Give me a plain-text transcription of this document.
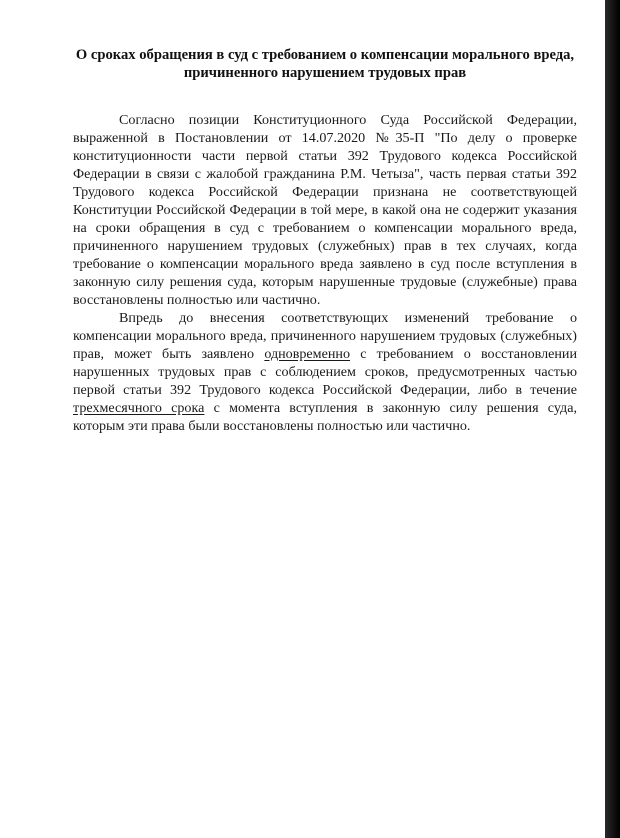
О сроках обращения в суд с требованием о компенсации морального вреда,
причиненного нарушением трудовых прав

Согласно позиции Конституционного Суда Российской Федерации, выраженной в Постановлении от 14.07.2020 №35-П "По делу о проверке конституционности части первой статьи 392 Трудового кодекса Российской Федерации в связи с жалобой гражданина Р.М. Четыза", часть первая статьи 392 Трудового кодекса Российской Федерации признана не соответствующей Конституции Российской Федерации в той мере, в какой она не содержит указания на сроки обращения в суд с требованием о компенсации морального вреда, причиненного нарушением трудовых (служебных) прав в тех случаях, когда требование о компенсации морального вреда заявлено в суд после вступления в законную силу решения суда, которым нарушенные трудовые (служебные) права восстановлены полностью или частично.

Впредь до внесения соответствующих изменений требование о компенсации морального вреда, причиненного нарушением трудовых (служебных) прав, может быть заявлено одновременно с требованием о восстановлении нарушенных трудовых прав с соблюдением сроков, предусмотренных частью первой статьи 392 Трудового кодекса Российской Федерации, либо в течение трехмесячного срока с момента вступления в законную силу решения суда, которым эти права были восстановлены полностью или частично.
